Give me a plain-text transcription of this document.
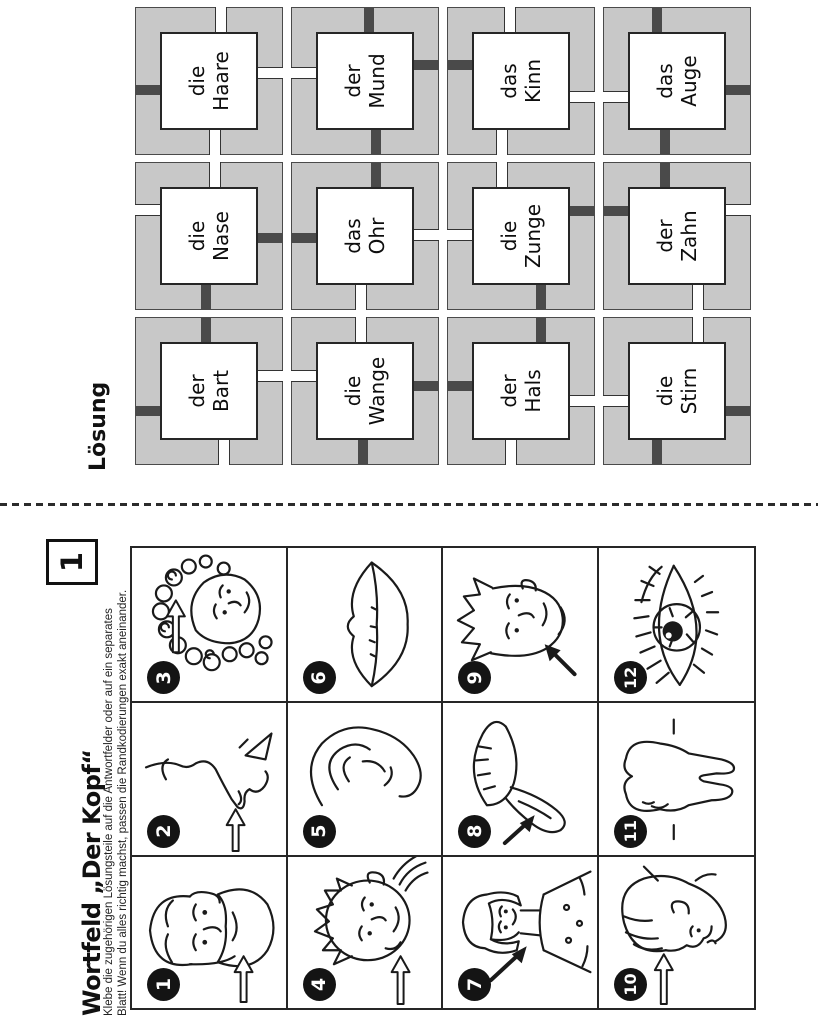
Wortfeld „Der Kopf“
1
Klebe die zugehörigen Lösungsteile auf die Antwortfelder oder auf ein separates Blatt! Wenn du alles richtig machst, passen die Randkodierungen exakt aneinander. 1
2
3
4
5
6
7
8
9
10
11
12
Lösung	der Bart
die Nase
die Haare
die Wange
das Ohr
der Mund
der Hals
die Zunge
das Kinn
die Stirn
der Zahn
das Auge
